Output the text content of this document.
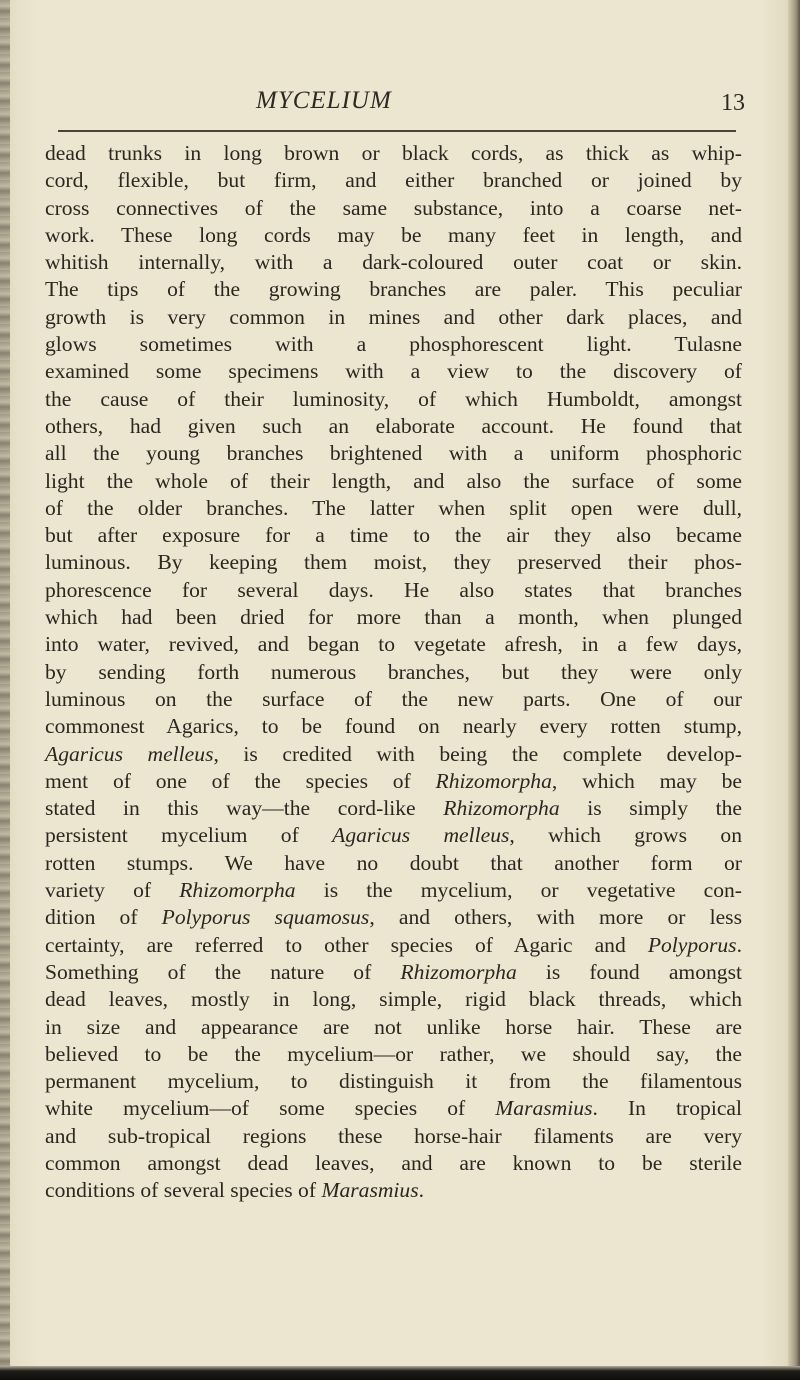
MYCELIUM	13
dead trunks in long brown or black cords, as thick as whip-
cord, flexible, but firm, and either branched or joined by
cross connectives of the same substance, into a coarse net-
work. These long cords may be many feet in length, and
whitish internally, with a dark-coloured outer coat or skin.
The tips of the growing branches are paler. This peculiar
growth is very common in mines and other dark places, and
glows sometimes with a phosphorescent light. Tulasne
examined some specimens with a view to the discovery of
the cause of their luminosity, of which Humboldt, amongst
others, had given such an elaborate account. He found that
all the young branches brightened with a uniform phosphoric
light the whole of their length, and also the surface of some
of the older branches. The latter when split open were dull,
but after exposure for a time to the air they also became
luminous. By keeping them moist, they preserved their phos-
phorescence for several days. He also states that branches
which had been dried for more than a month, when plunged
into water, revived, and began to vegetate afresh, in a few days,
by sending forth numerous branches, but they were only
luminous on the surface of the new parts. One of our
commonest Agarics, to be found on nearly every rotten stump,
Agaricus melleus, is credited with being the complete develop-
ment of one of the species of Rhizomorpha, which may be
stated in this way—the cord-like Rhizomorpha is simply the
persistent mycelium of Agaricus melleus, which grows on
rotten stumps. We have no doubt that another form or
variety of Rhizomorpha is the mycelium, or vegetative con-
dition of Polyporus squamosus, and others, with more or less
certainty, are referred to other species of Agaric and Polyporus.
Something of the nature of Rhizomorpha is found amongst
dead leaves, mostly in long, simple, rigid black threads, which
in size and appearance are not unlike horse hair. These are
believed to be the mycelium—or rather, we should say, the
permanent mycelium, to distinguish it from the filamentous
white mycelium—of some species of Marasmius. In tropical
and sub-tropical regions these horse-hair filaments are very
common amongst dead leaves, and are known to be sterile
conditions of several species of Marasmius.
